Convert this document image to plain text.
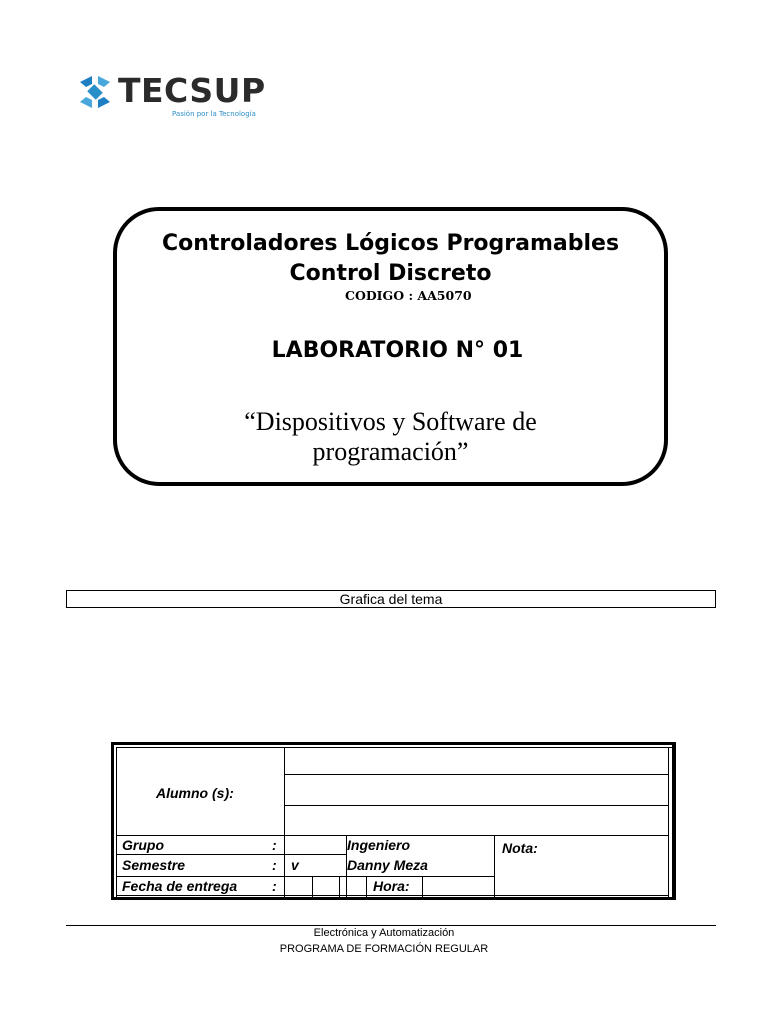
TECSUP
Pasión por la Tecnología
Controladores Lógicos Programables
Control Discreto
CODIGO : AA5070
LABORATORIO N° 01
“Dispositivos y Software de
programación”
Grafica del tema
Alumno (s):
Grupo	:
Semestre	: v
Fecha de entrega :
Ingeniero
Danny Meza
Hora:
Nota:
Electrónica y Automatización
PROGRAMA DE FORMACIÓN REGULAR
